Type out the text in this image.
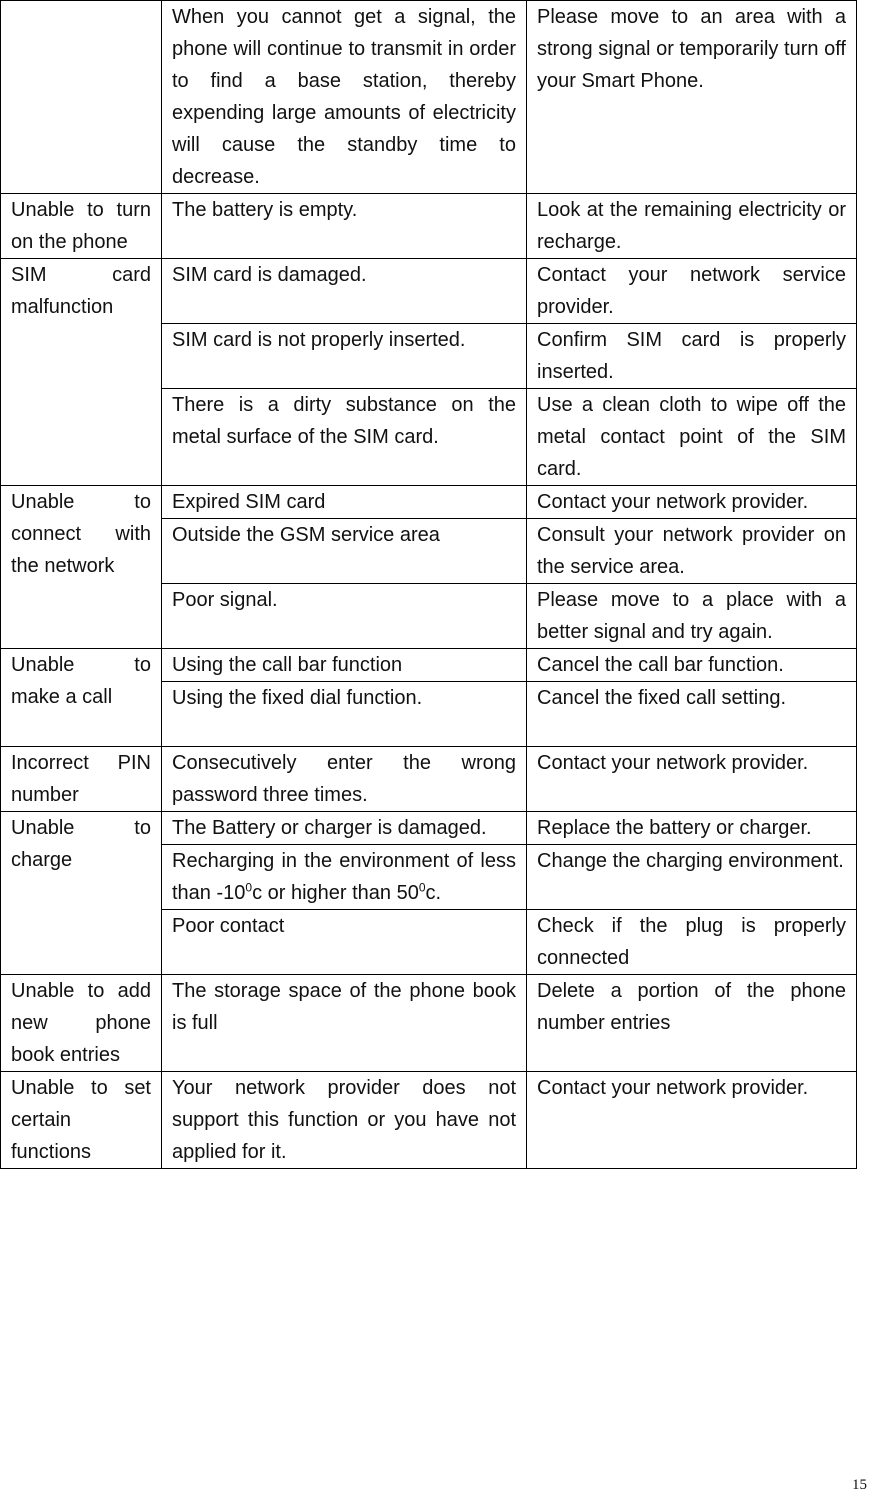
	When you cannot get a signal, the phone will continue to transmit in order to find a base station, thereby expending large amounts of electricity will cause the standby time to decrease.	Please move to an area with a strong signal or temporarily turn off your Smart Phone.
Unable to turn on the phone	The battery is empty.	Look at the remaining electricity or recharge.
SIM card malfunction	SIM card is damaged.	Contact your network service provider.
	SIM card is not properly inserted.	Confirm SIM card is properly inserted.
	There is a dirty substance on the metal surface of the SIM card.	Use a clean cloth to wipe off the metal contact point of the SIM card.
Unable to connect with the network	Expired SIM card	Contact your network provider.
	Outside the GSM service area	Consult your network provider on the service area.
	Poor signal.	Please move to a place with a better signal and try again.
Unable to make a call	Using the call bar function	Cancel the call bar function.
	Using the fixed dial function.	Cancel the fixed call setting.
Incorrect PIN number	Consecutively enter the wrong password three times.	Contact your network provider.
Unable to charge	The Battery or charger is damaged.	Replace the battery or charger.
	Recharging in the environment of less than $-10^0c$ or higher than $50^0c$.	Change the charging environment.
	Poor contact	Check if the plug is properly connected
Unable to add new phone book entries	The storage space of the phone book is full	Delete a portion of the phone number entries
Unable to set certain functions	Your network provider does not support this function or you have not applied for it.	Contact your network provider.
15
